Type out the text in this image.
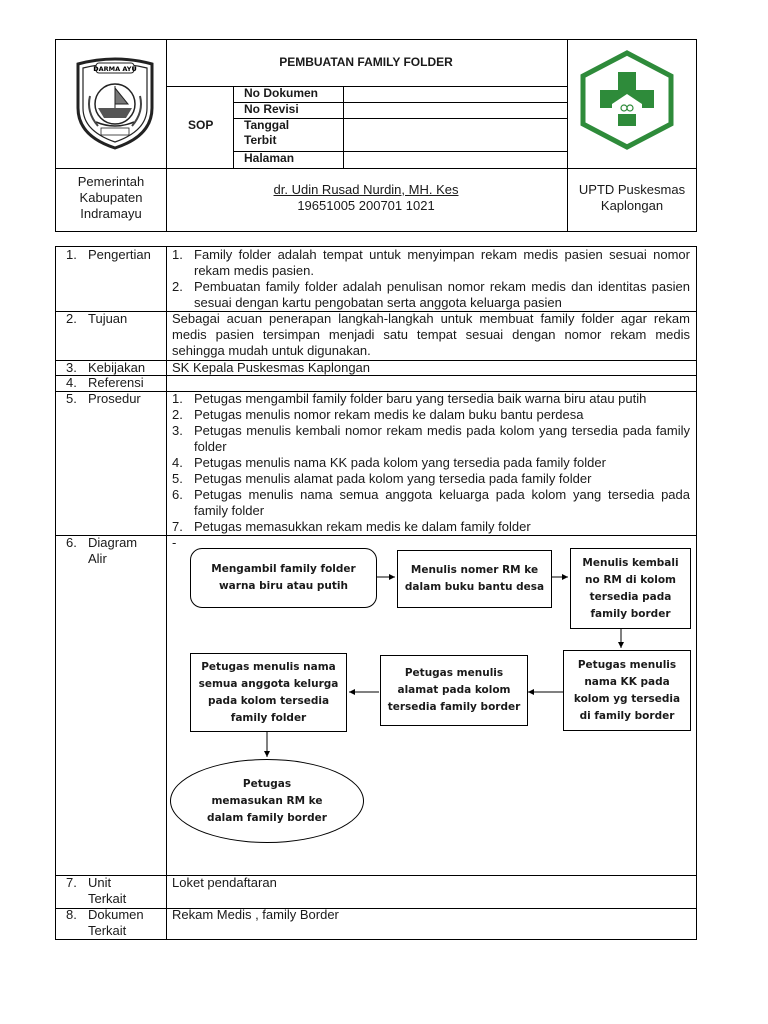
DARMA AYU	PEMBUATAN FAMILY FOLDER
SOP
No Dokumen
No Revisi
Tanggal Terbit
Halaman
Pemerintah Kabupaten Indramayu
dr. Udin Rusad Nurdin, MH. Kes
19651005 200701 1021
UPTD Puskesmas Kaplongan
1. Pengertian 1. Family folder adalah tempat untuk menyimpan rekam medis pasien sesuai nomor rekam medis pasien.
2. Pembuatan family folder adalah penulisan nomor rekam medis dan identitas pasien sesuai dengan kartu pengobatan serta anggota keluarga pasien
2. Tujuan	Sebagai acuan penerapan langkah-langkah untuk membuat family folder agar rekam medis pasien tersimpan menjadi satu tempat sesuai dengan nomor rekam medis sehingga mudah untuk digunakan.
3. Kebijakan SK Kepala Puskesmas Kaplongan
4. Referensi
5. Prosedur 1. Petugas mengambil family folder baru yang tersedia baik warna biru atau putih
2. Petugas menulis nomor rekam medis ke dalam buku bantu perdesa
3. Petugas menulis kembali nomor rekam medis pada kolom yang tersedia pada family folder
4. Petugas menulis nama KK pada kolom yang tersedia pada family folder
5. Petugas menulis alamat pada kolom yang tersedia pada family folder
6. Petugas menulis nama semua anggota keluarga pada kolom yang tersedia pada family folder
7. Petugas memasukkan rekam medis ke dalam family folder
6. Diagram Alir
-
Mengambil family folder warna biru atau putih
Menulis nomer RM ke dalam buku bantu desa
Menulis kembali no RM di kolom tersedia pada family border
Petugas menulis nama KK pada kolom yg tersedia di family border
Petugas menulis alamat pada kolom tersedia family border
Petugas menulis nama semua anggota kelurga pada kolom tersedia family folder
Petugas memasukan RM ke dalam family border
7. Unit Terkait
Loket pendaftaran
8. Dokumen Terkait
Rekam Medis , family Border
